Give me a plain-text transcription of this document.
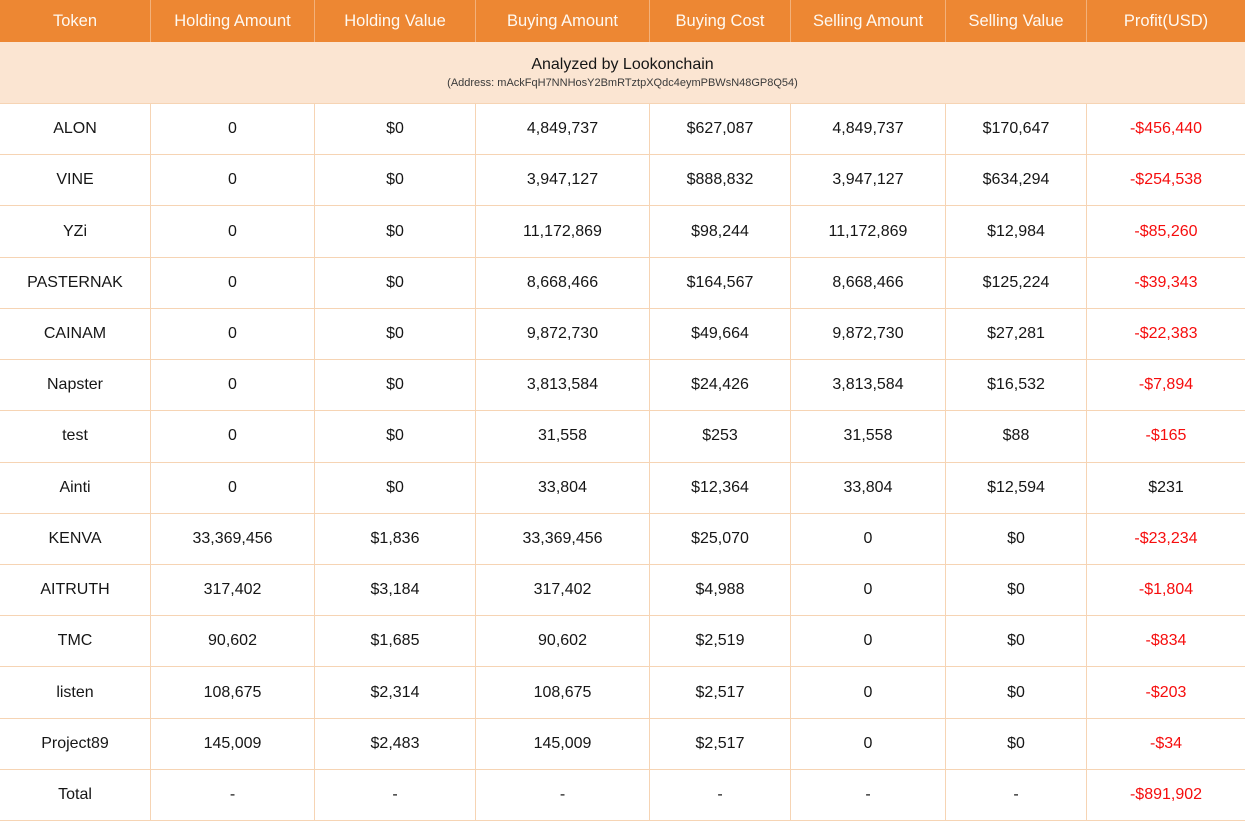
Token	Holding Amount	Holding Value	Buying Amount	Buying Cost	Selling Amount	Selling Value	Profit(USD)
Analyzed by Lookonchain
(Address: mAckFqH7NNHosY2BmRTztpXQdc4eymPBWsN48GP8Q54)
ALON	0	$0	4,849,737	$627,087	4,849,737	$170,647	-$456,440
VINE	0	$0	3,947,127	$888,832	3,947,127	$634,294	-$254,538
YZi	0	$0	11,172,869	$98,244	11,172,869	$12,984	-$85,260
PASTERNAK	0	$0	8,668,466	$164,567	8,668,466	$125,224	-$39,343
CAINAM	0	$0	9,872,730	$49,664	9,872,730	$27,281	-$22,383
Napster	0	$0	3,813,584	$24,426	3,813,584	$16,532	-$7,894
test	0	$0	31,558	$253	31,558	$88	-$165
Ainti	0	$0	33,804	$12,364	33,804	$12,594	$231
KENVA	33,369,456	$1,836	33,369,456	$25,070	0	$0	-$23,234
AITRUTH	317,402	$3,184	317,402	$4,988	0	$0	-$1,804
TMC	90,602	$1,685	90,602	$2,519	0	$0	-$834
listen	108,675	$2,314	108,675	$2,517	0	$0	-$203
Project89	145,009	$2,483	145,009	$2,517	0	$0	-$34
Total	-	-	-	-	-	-	-$891,902
